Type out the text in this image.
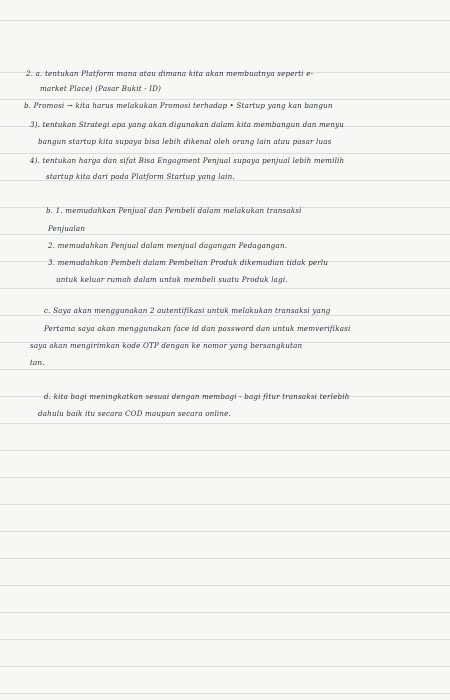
2. a. tentukan Platform mana atau dimana kita akan membuatnya seperti e-
market Place) (Pasar Bukit - ID)
b. Promosi → kita harus melakukan Promosi terhadap • Startup yang kan bangun
3). tentukan Strategi apa yang akan digunakan dalam kita membangun dan menyu
bangun startup kita supaya bisa lebih dikenal oleh orang lain atau pasar luas
4). tentukan harga dan sifat Bisa Engagment Penjual supaya penjual lebih memilih
startup kita dari pada Platform Startup yang lain.
b. 1. memudahkan Penjual dan Pembeli dalam melakukan transaksi
Penjualan
2. memudahkan Penjual dalam menjual dagangan Pedagangan.
3. memudahkan Pembeli dalam Pembelian Produk dikemudian tidak perlu
untuk keluar rumah dalam untuk membeli suatu Produk lagi.
c. Saya akan menggunakan 2 autentifikasi untuk melakukan transaksi yang
Pertama saya akan menggunakan face id dan password dan untuk memverifikasi
saya akan mengirimkan kode OTP dengan ke nomor yang bersangkutan
tan.
d. kita bagi meningkatkan sesuai dengan membagi - bagi fitur transaksi terlebih
dahulu baik itu secara COD maupun secara online.
